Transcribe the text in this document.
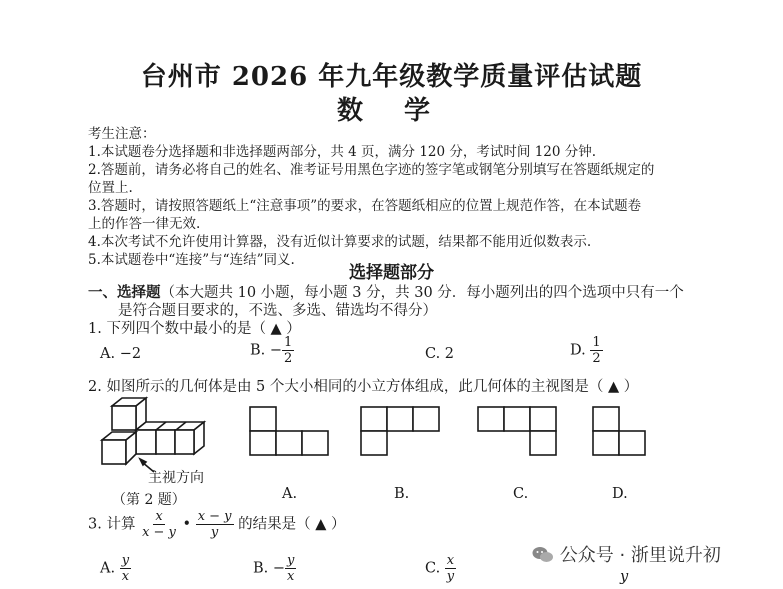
台州市 2026 年九年级教学质量评估试题
数 学
考生注意：
1.本试题卷分选择题和非选择题两部分，共 4 页，满分 120 分，考试时间 120 分钟.
2.答题前，请务必将自己的姓名、准考证号用黑色字迹的签字笔或钢笔分别填写在答题纸规定的
位置上.
3.答题时，请按照答题纸上“注意事项”的要求，在答题纸相应的位置上规范作答，在本试题卷
上的作答一律无效.
4.本次考试不允许使用计算器，没有近似计算要求的试题，结果都不能用近似数表示.
5.本试题卷中“连接”与“连结”同义.
选择题部分
一、选择题（本大题共 10 小题，每小题 3 分，共 30 分．每小题列出的四个选项中只有一个
是符合题目要求的，不选、多选、错选均不得分）
1. 下列四个数中最小的是（ ▲ ）
A. −2	B. − $\frac{1}{2}$	C. 2	D. $\frac{1}{2}$
2. 如图所示的几何体是由 5 个大小相同的小立方体组成，此几何体的主视图是（ ▲ ）
主视方向
（第 2 题）	A.	B.	C.	D.
3. 计算 $\frac{x}{x - y}$ • $\frac{x - y}{y}$ 的结果是（ ▲ ）
A. $\frac{y}{x}$	B. − $\frac{y}{x}$	C. $\frac{x}{y}$	y
公众号 · 浙里说升初
